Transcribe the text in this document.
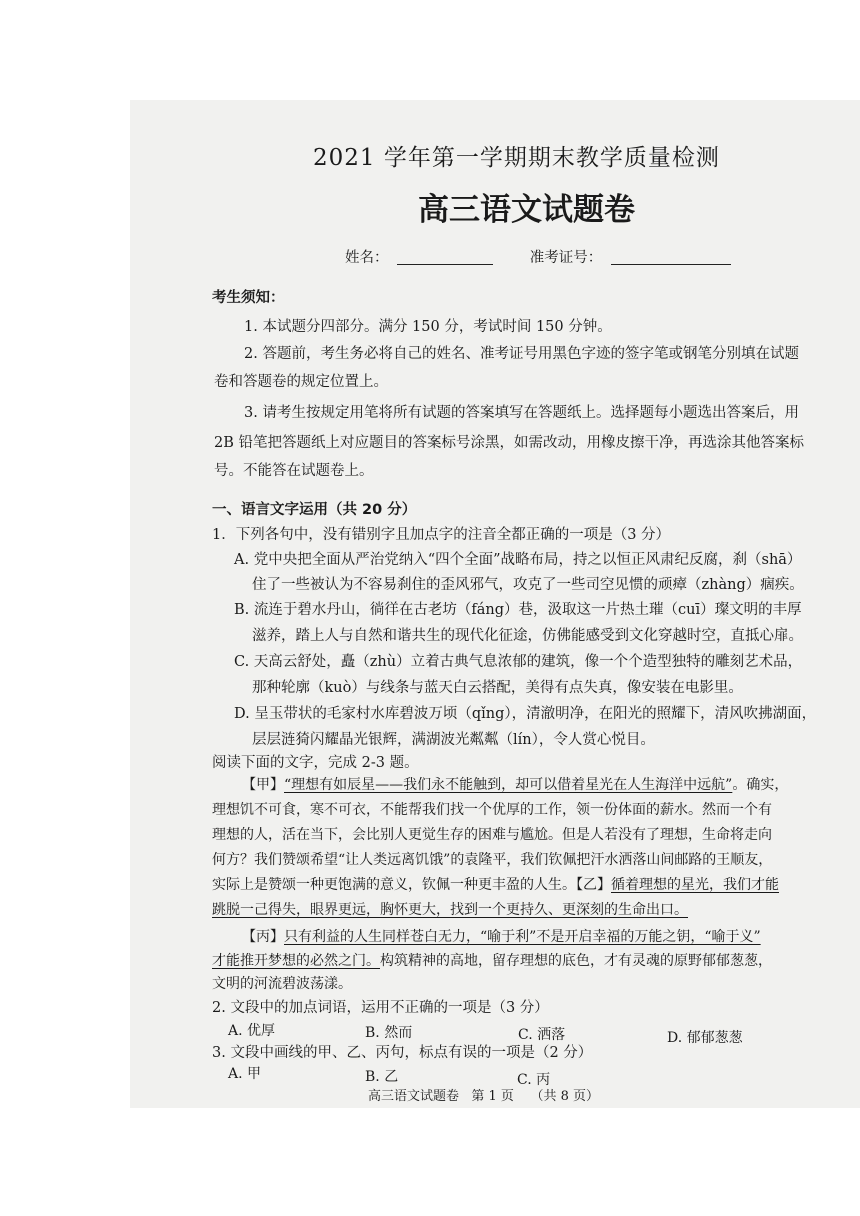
2021 学年第一学期期末教学质量检测
高三语文试题卷
姓名：	准考证号：
考生须知：
1. 本试题分四部分。满分 150 分，考试时间 150 分钟。
2. 答题前，考生务必将自己的姓名、准考证号用黑色字迹的签字笔或钢笔分别填在试题
卷和答题卷的规定位置上。
3. 请考生按规定用笔将所有试题的答案填写在答题纸上。选择题每小题选出答案后，用
2B 铅笔把答题纸上对应题目的答案标号涂黑，如需改动，用橡皮擦干净，再选涂其他答案标
号。不能答在试题卷上。
一、语言文字运用（共 20 分）
1．下列各句中，没有错别字且加点字的注音全都正确的一项是（3 分）
A. 党中央把全面从严治党纳入“四个全面”战略布局，持之以恒正风肃纪反腐，刹（shā）
住了一些被认为不容易刹住的歪风邪气，攻克了一些司空见惯的顽瘴（zhàng）痼疾。
B. 流连于碧水丹山，徜徉在古老坊（fáng）巷，汲取这一片热土璀（cuī）璨文明的丰厚
滋养，踏上人与自然和谐共生的现代化征途，仿佛能感受到文化穿越时空，直抵心扉。
C. 天高云舒处，矗（zhù）立着古典气息浓郁的建筑，像一个个造型独特的雕刻艺术品，
那种轮廓（kuò）与线条与蓝天白云搭配，美得有点失真，像安装在电影里。
D. 呈玉带状的毛家村水库碧波万顷（qǐng），清澈明净，在阳光的照耀下，清风吹拂湖面，
层层涟猗闪耀晶光银辉，满湖波光粼粼（lín），令人赏心悦目。
阅读下面的文字，完成 2-3 题。
【甲】“理想有如辰星——我们永不能触到，却可以借着星光在人生海洋中远航”。确实，
理想饥不可食，寒不可衣，不能帮我们找一个优厚的工作，领一份体面的薪水。然而一个有
理想的人，活在当下，会比别人更觉生存的困难与尴尬。但是人若没有了理想，生命将走向
何方？我们赞颂希望“让人类远离饥饿”的袁隆平，我们钦佩把汗水洒落山间邮路的王顺友，
实际上是赞颂一种更饱满的意义，钦佩一种更丰盈的人生。【乙】循着理想的星光，我们才能
跳脱一己得失，眼界更远，胸怀更大，找到一个更持久、更深刻的生命出口。
【丙】只有利益的人生同样苍白无力，“喻于利”不是开启幸福的万能之钥，“喻于义”
才能推开梦想的必然之门。构筑精神的高地，留存理想的底色，才有灵魂的原野郁郁葱葱，
文明的河流碧波荡漾。
2. 文段中的加点词语，运用不正确的一项是（3 分）
A. 优厚	B. 然而	C. 洒落	D. 郁郁葱葱
3. 文段中画线的甲、乙、丙句，标点有误的一项是（2 分）
A. 甲	B. 乙	C. 丙
高三语文试题卷   第 1 页    （共 8 页）
